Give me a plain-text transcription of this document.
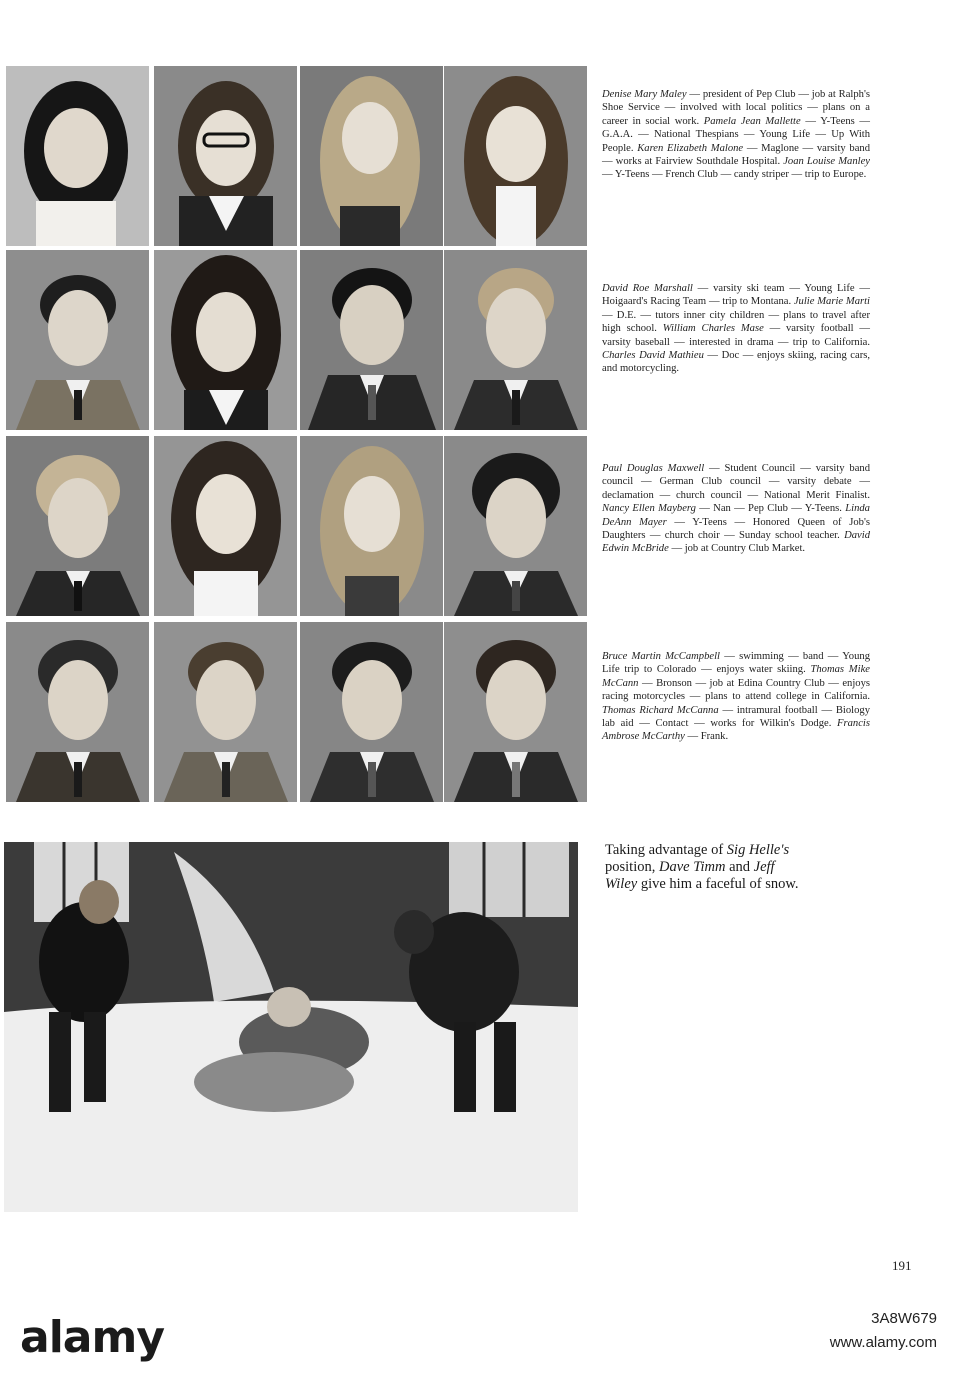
Denise Mary Maley — president of Pep Club — job at Ralph's Shoe Service — involved with local politics — plans on a career in social work. Pamela Jean Mallette — Y-Teens — G.A.A. — National Thespians — Young Life — Up With People. Karen Elizabeth Malone — Maglone — varsity band — works at Fairview Southdale Hospital. Joan Louise Manley — Y-Teens — French Club — candy striper — trip to Europe.
David Roe Marshall — varsity ski team — Young Life — Hoigaard's Racing Team — trip to Montana. Julie Marie Marti — D.E. — tutors inner city children — plans to travel after high school. William Charles Mase — varsity football — varsity baseball — interested in drama — trip to California. Charles David Mathieu — Doc — enjoys skiing, racing cars, and motorcycling.
Paul Douglas Maxwell — Student Council — varsity band council — German Club council — varsity debate — declamation — church council — National Merit Finalist. Nancy Ellen Mayberg — Nan — Pep Club — Y-Teens. Linda DeAnn Mayer — Y-Teens — Honored Queen of Job's Daughters — church choir — Sunday school teacher. David Edwin McBride — job at Country Club Market.
Bruce Martin McCampbell — swimming — band — Young Life trip to Colorado — enjoys water skiing. Thomas Mike McCann — Bronson — job at Edina Country Club — enjoys racing motorcycles — plans to attend college in California. Thomas Richard McCanna — intramural football — Biology lab aid — Contact — works for Wilkin's Dodge. Francis Ambrose McCarthy — Frank.
Taking advantage of Sig Helle's position, Dave Timm and Jeff Wiley give him a faceful of snow.
191
alamy	3A8W679
www.alamy.com
